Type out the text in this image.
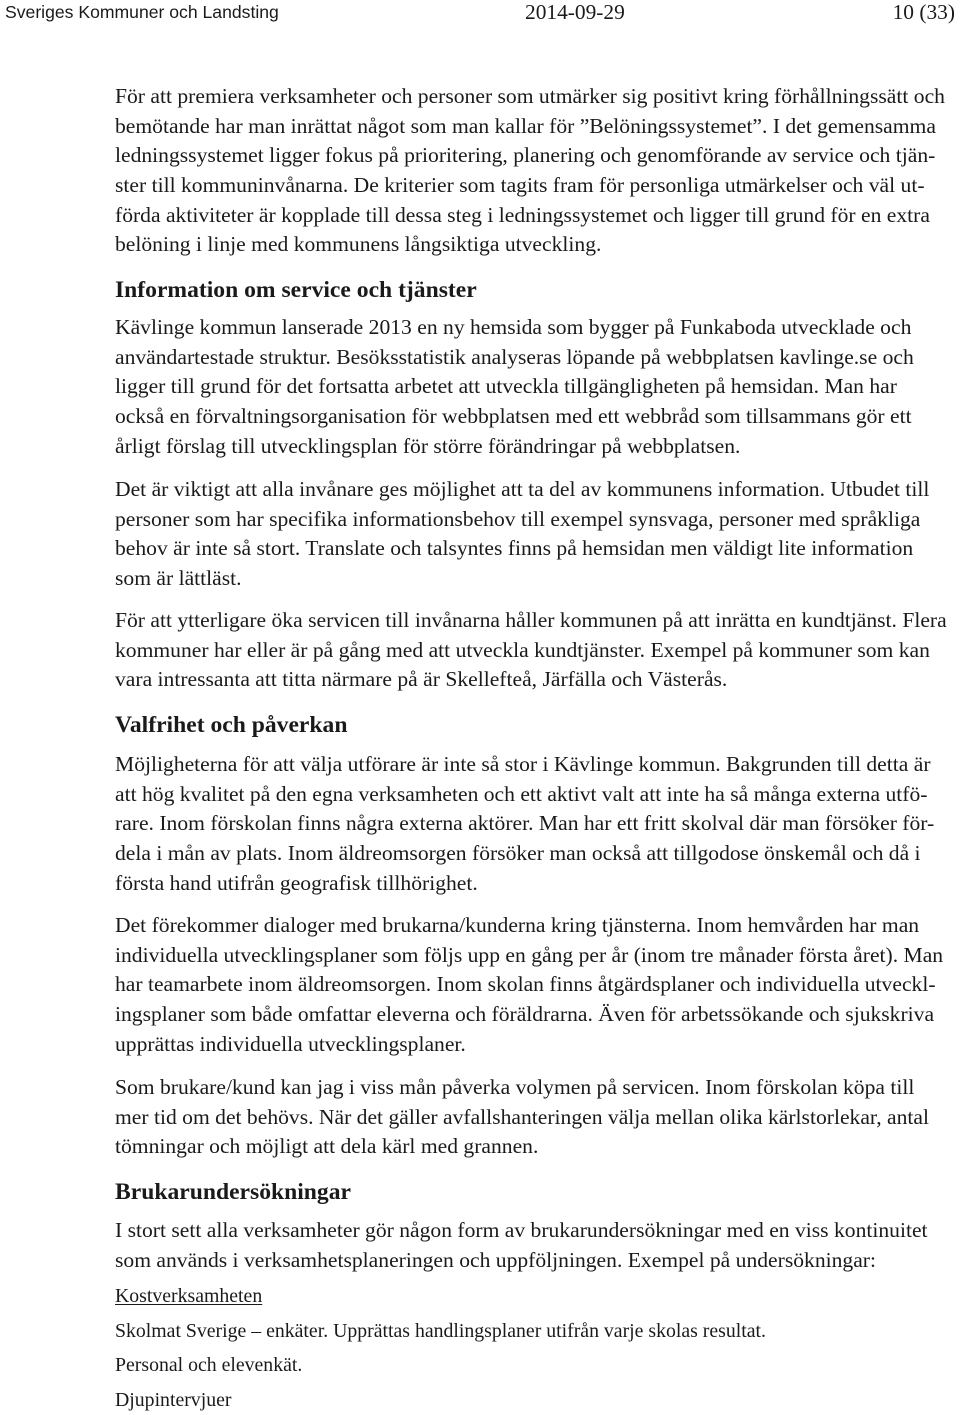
Sveriges Kommuner och Landsting	2014-09-29	10 (33)
För att premiera verksamheter och personer som utmärker sig positivt kring förhållningssätt och
bemötande har man inrättat något som man kallar för ”Belöningssystemet”. I det gemensamma
ledningssystemet ligger fokus på prioritering, planering och genomförande av service och tjän-
ster till kommuninvånarna. De kriterier som tagits fram för personliga utmärkelser och väl ut-
förda aktiviteter är kopplade till dessa steg i ledningssystemet och ligger till grund för en extra
belöning i linje med kommunens långsiktiga utveckling.
Information om service och tjänster
Kävlinge kommun lanserade 2013 en ny hemsida som bygger på Funkaboda utvecklade och
användartestade struktur. Besöksstatistik analyseras löpande på webbplatsen kavlinge.se och
ligger till grund för det fortsatta arbetet att utveckla tillgängligheten på hemsidan. Man har
också en förvaltningsorganisation för webbplatsen med ett webbråd som tillsammans gör ett
årligt förslag till utvecklingsplan för större förändringar på webbplatsen.
Det är viktigt att alla invånare ges möjlighet att ta del av kommunens information. Utbudet till
personer som har specifika informationsbehov till exempel synsvaga, personer med språkliga
behov är inte så stort. Translate och talsyntes finns på hemsidan men väldigt lite information
som är lättläst.
För att ytterligare öka servicen till invånarna håller kommunen på att inrätta en kundtjänst. Flera
kommuner har eller är på gång med att utveckla kundtjänster. Exempel på kommuner som kan
vara intressanta att titta närmare på är Skellefteå, Järfälla och Västerås.
Valfrihet och påverkan
Möjligheterna för att välja utförare är inte så stor i Kävlinge kommun. Bakgrunden till detta är
att hög kvalitet på den egna verksamheten och ett aktivt valt att inte ha så många externa utfö-
rare. Inom förskolan finns några externa aktörer. Man har ett fritt skolval där man försöker för-
dela i mån av plats. Inom äldreomsorgen försöker man också att tillgodose önskemål och då i
första hand utifrån geografisk tillhörighet.
Det förekommer dialoger med brukarna/kunderna kring tjänsterna. Inom hemvården har man
individuella utvecklingsplaner som följs upp en gång per år (inom tre månader första året). Man
har teamarbete inom äldreomsorgen. Inom skolan finns åtgärdsplaner och individuella utveckl-
ingsplaner som både omfattar eleverna och föräldrarna. Även för arbetssökande och sjukskriva
upprättas individuella utvecklingsplaner.
Som brukare/kund kan jag i viss mån påverka volymen på servicen. Inom förskolan köpa till
mer tid om det behövs. När det gäller avfallshanteringen välja mellan olika kärlstorlekar, antal
tömningar och möjligt att dela kärl med grannen.
Brukarundersökningar
I stort sett alla verksamheter gör någon form av brukarundersökningar med en viss kontinuitet
som används i verksamhetsplaneringen och uppföljningen. Exempel på undersökningar:
Kostverksamheten
Skolmat Sverige – enkäter. Upprättas handlingsplaner utifrån varje skolas resultat.
Personal och elevenkät.
Djupintervjuer
